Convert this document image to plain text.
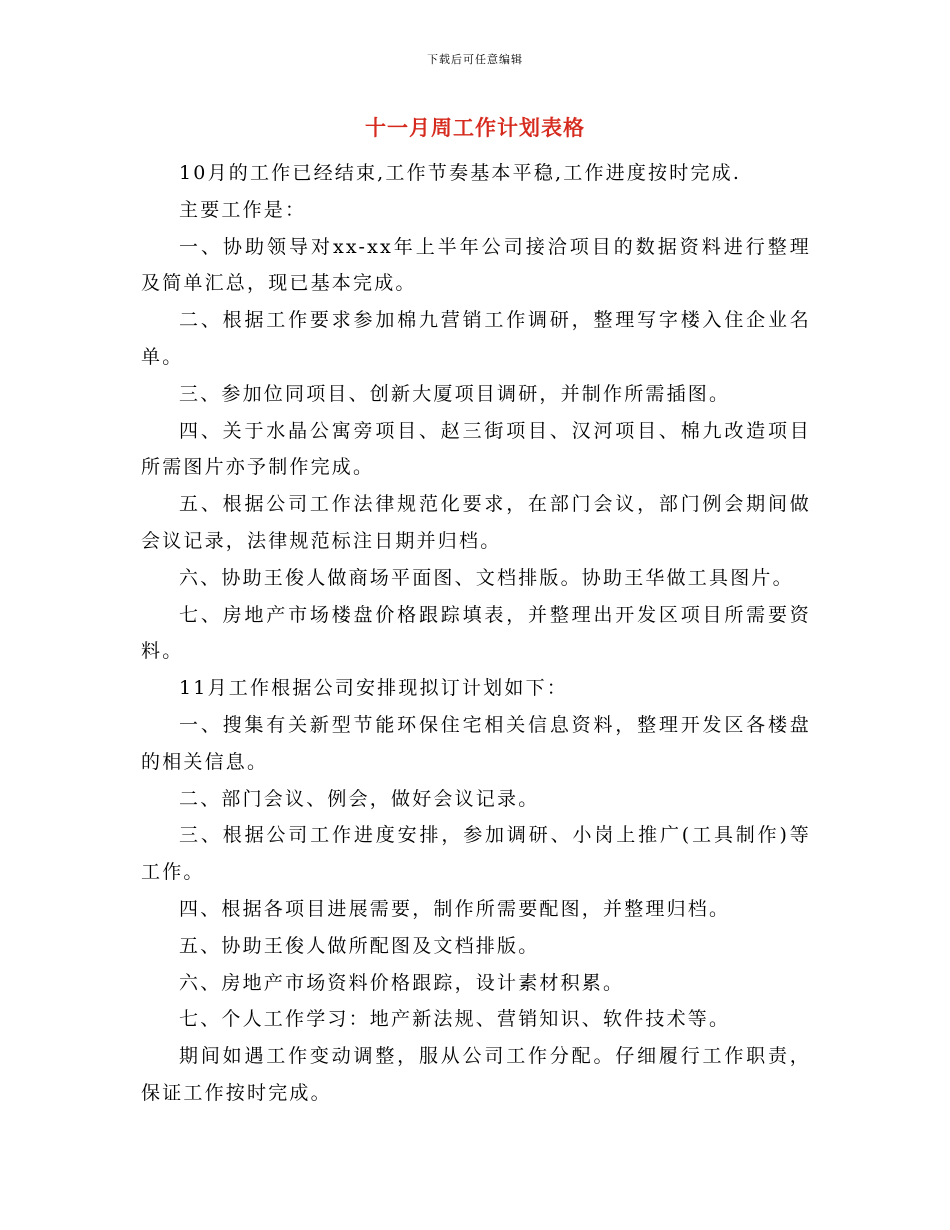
下载后可任意编辑
十一月周工作计划表格

10月的工作已经结束,工作节奏基本平稳,工作进度按时完成.

主要工作是：

一、协助领导对xx-xx年上半年公司接洽项目的数据资料进行整理及简单汇总，现已基本完成。

二、根据工作要求参加棉九营销工作调研，整理写字楼入住企业名单。

三、参加位同项目、创新大厦项目调研，并制作所需插图。

四、关于水晶公寓旁项目、赵三街项目、汉河项目、棉九改造项目所需图片亦予制作完成。

五、根据公司工作法律规范化要求，在部门会议，部门例会期间做会议记录，法律规范标注日期并归档。

六、协助王俊人做商场平面图、文档排版。协助王华做工具图片。

七、房地产市场楼盘价格跟踪填表，并整理出开发区项目所需要资料。

11月工作根据公司安排现拟订计划如下：

一、搜集有关新型节能环保住宅相关信息资料，整理开发区各楼盘的相关信息。

二、部门会议、例会，做好会议记录。

三、根据公司工作进度安排，参加调研、小岗上推广(工具制作)等工作。

四、根据各项目进展需要，制作所需要配图，并整理归档。

五、协助王俊人做所配图及文档排版。

六、房地产市场资料价格跟踪，设计素材积累。

七、个人工作学习：地产新法规、营销知识、软件技术等。

期间如遇工作变动调整，服从公司工作分配。仔细履行工作职责，保证工作按时完成。
